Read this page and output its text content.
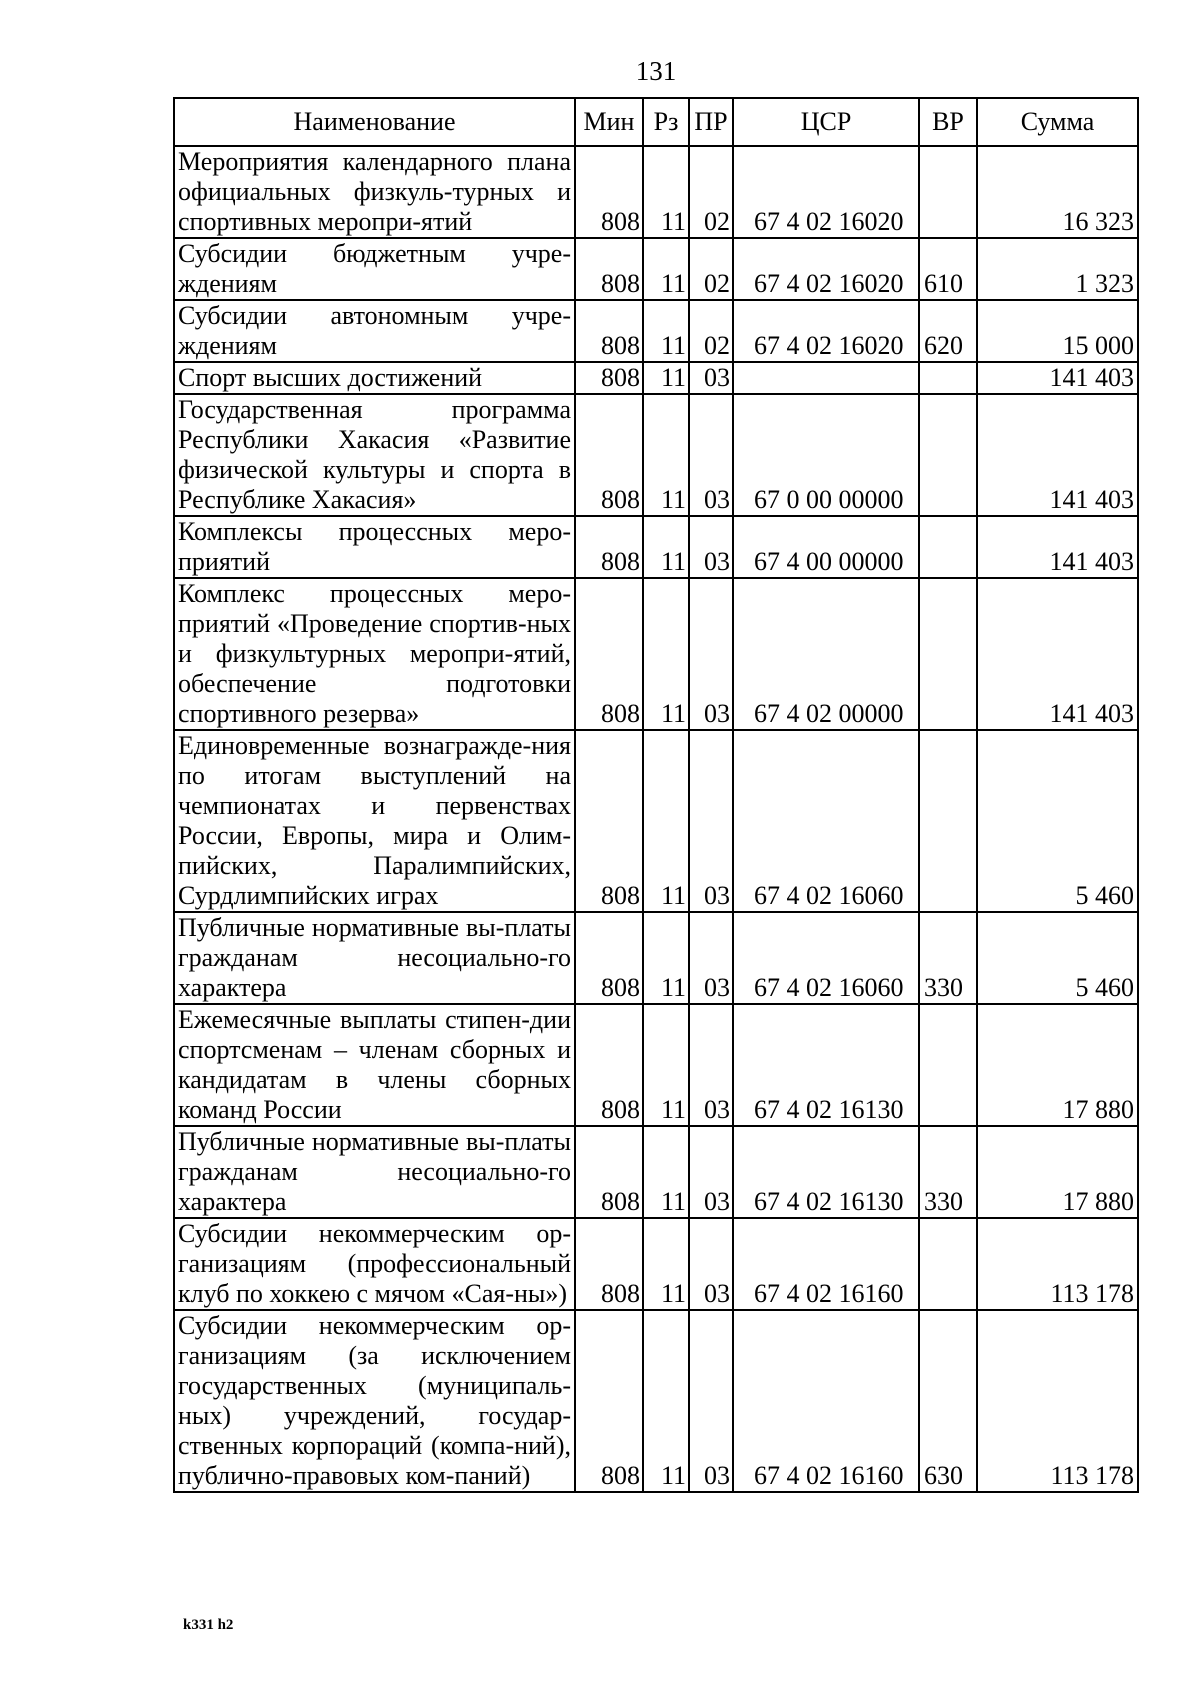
131
Наименование	Мин	Рз	ПР	ЦСР	ВР	Сумма
Мероприятия календарного плана официальных физкуль-турных и спортивных меропри-ятий	808	11	02	67 4 02 16020		16 323
Субсидии бюджетным учре-ждениям	808	11	02	67 4 02 16020	610	1 323
Субсидии автономным учре-ждениям	808	11	02	67 4 02 16020	620	15 000
Спорт высших достижений	808	11	03			141 403
Государственная программа Республики Хакасия «Развитие физической культуры и спорта в Республике Хакасия»	808	11	03	67 0 00 00000		141 403
Комплексы процессных меро-приятий	808	11	03	67 4 00 00000		141 403
Комплекс процессных меро-приятий «Проведение спортив-ных и физкультурных меропри-ятий, обеспечение подготовки спортивного резерва»	808	11	03	67 4 02 00000		141 403
Единовременные вознагражде-ния по итогам выступлений на чемпионатах и первенствах России, Европы, мира и Олим-пийских, Паралимпийских, Сурдлимпийских играх	808	11	03	67 4 02 16060		5 460
Публичные нормативные вы-платы гражданам несоциально-го характера	808	11	03	67 4 02 16060	330	5 460
Ежемесячные выплаты стипен-дии спортсменам – членам сборных и кандидатам в члены сборных команд России	808	11	03	67 4 02 16130		17 880
Публичные нормативные вы-платы гражданам несоциально-го характера	808	11	03	67 4 02 16130	330	17 880
Субсидии некоммерческим ор-ганизациям (профессиональный клуб по хоккею с мячом «Сая-ны»)	808	11	03	67 4 02 16160		113 178
Субсидии некоммерческим ор-ганизациям (за исключением государственных (муниципаль-ных) учреждений, государ-ственных корпораций (компа-ний), публично-правовых ком-паний)	808	11	03	67 4 02 16160	630	113 178
k331 h2
